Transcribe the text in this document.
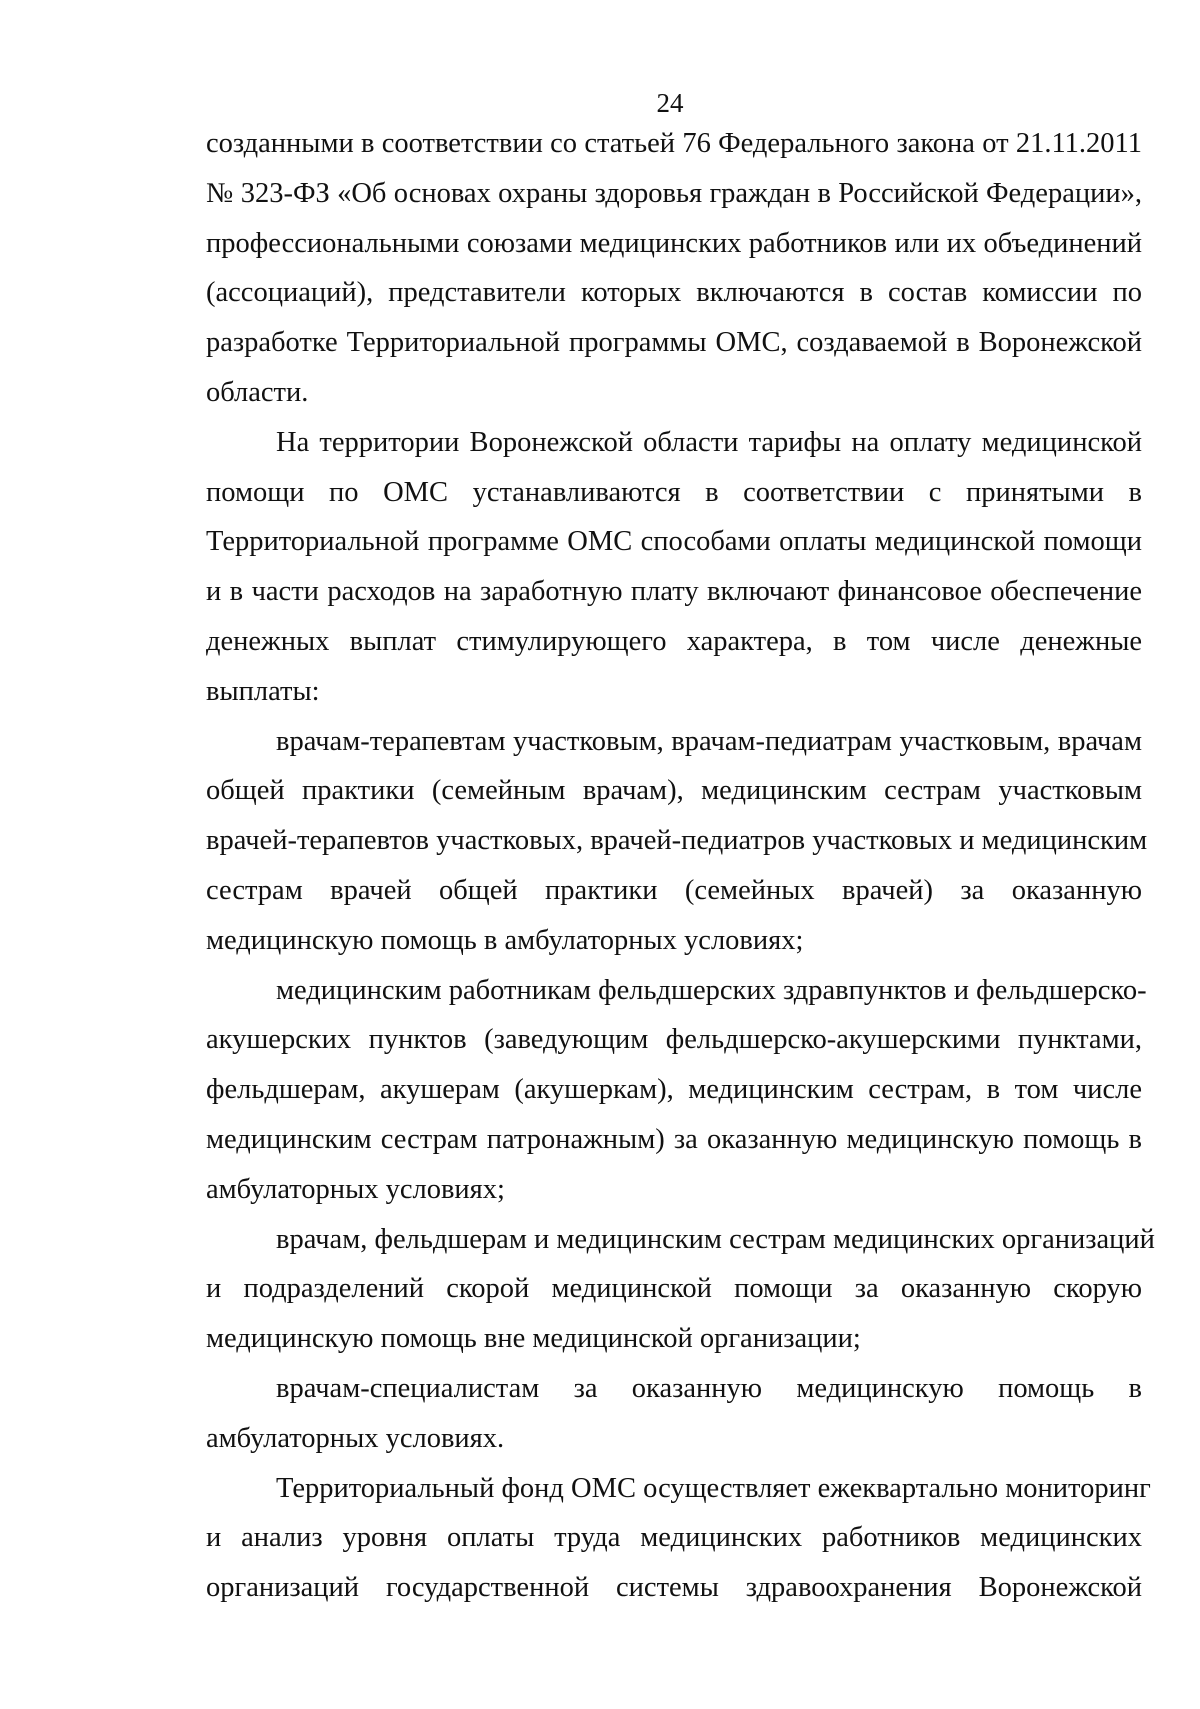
24
созданными в соответствии со статьей 76 Федерального закона от 21.11.2011
№ 323-ФЗ «Об основах охраны здоровья граждан в Российской Федерации»,
профессиональными союзами медицинских работников или их объединений
(ассоциаций), представители которых включаются в состав комиссии по
разработке Территориальной программы ОМС, создаваемой в Воронежской
области.
На территории Воронежской области тарифы на оплату медицинской
помощи по ОМС устанавливаются в соответствии с принятыми в
Территориальной программе ОМС способами оплаты медицинской помощи
и в части расходов на заработную плату включают финансовое обеспечение
денежных выплат стимулирующего характера, в том числе денежные
выплаты:
врачам-терапевтам участковым, врачам-педиатрам участковым, врачам
общей практики (семейным врачам), медицинским сестрам участковым
врачей-терапевтов участковых, врачей-педиатров участковых и медицинским
сестрам врачей общей практики (семейных врачей) за оказанную
медицинскую помощь в амбулаторных условиях;
медицинским работникам фельдшерских здравпунктов и фельдшерско-
акушерских пунктов (заведующим фельдшерско-акушерскими пунктами,
фельдшерам, акушерам (акушеркам), медицинским сестрам, в том числе
медицинским сестрам патронажным) за оказанную медицинскую помощь в
амбулаторных условиях;
врачам, фельдшерам и медицинским сестрам медицинских организаций
и подразделений скорой медицинской помощи за оказанную скорую
медицинскую помощь вне медицинской организации;
врачам-специалистам за оказанную медицинскую помощь в
амбулаторных условиях.
Территориальный фонд ОМС осуществляет ежеквартально мониторинг
и анализ уровня оплаты труда медицинских работников медицинских
организаций государственной системы здравоохранения Воронежской
